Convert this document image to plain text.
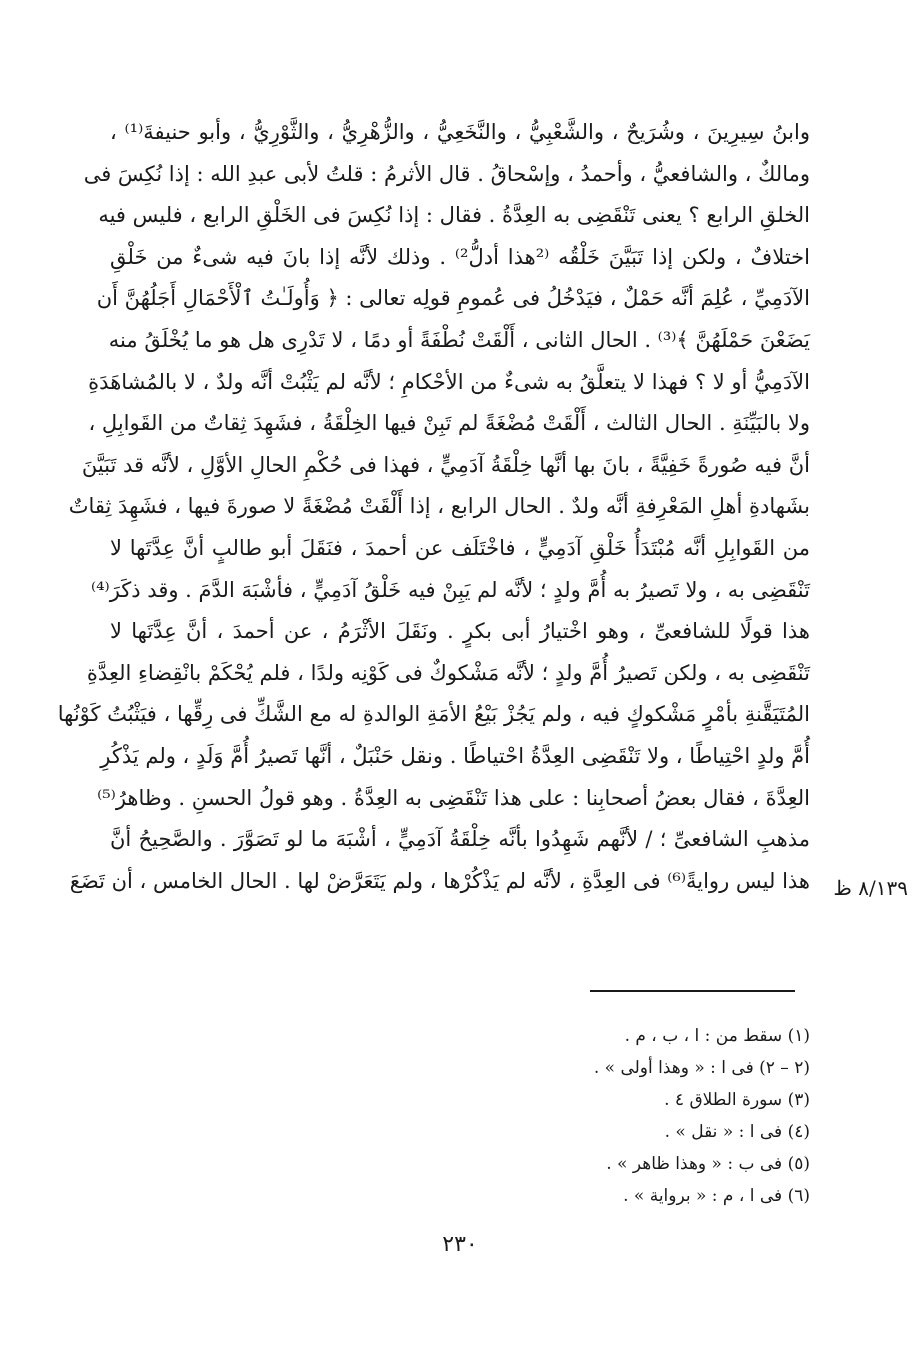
وابنُ سِيرِينَ ، وشُرَيحٌ ، والشَّعْبِيُّ ، والنَّخَعِيُّ ، والزُّهْرِيُّ ، والثَّوْرِيُّ ، وأبو حنيفةَ⁽¹⁾ ،
ومالكٌ ، والشافعيُّ ، وأحمدُ ، وإسْحاقُ . قال الأثرمُ : قلتُ لأبى عبدِ الله : إذا نُكِسَ فى
الخلقِ الرابع ؟ يعنى تَنْقَضِى به العِدَّةُ . فقال : إذا نُكِسَ فى الخَلْقِ الرابع ، فليس فيه
اختلافٌ ، ولكن إذا تَبَيَّنَ خَلْقُه ⁽²هذا أدلُّ²⁾ . وذلك لأنَّه إذا بانَ فيه شىءٌ من خَلْقِ
الآدَمِيِّ ، عُلِمَ أنَّه حَمْلٌ ، فيَدْخُلُ فى عُمومِ قولِه تعالى : ﴿ وَأُولَـٰتُ ٱلْأَحْمَالِ أَجَلُهُنَّ أَن
يَضَعْنَ حَمْلَهُنَّ ﴾⁽³⁾ . الحال الثانى ، أَلْقَتْ نُطْفَةً أو دمًا ، لا تَدْرِى هل هو ما يُخْلَقُ منه
الآدَمِيُّ أو لا ؟ فهذا لا يتعلَّقُ به شىءٌ من الأحْكامِ ؛ لأنَّه لم يَثْبُتْ أنَّه ولدٌ ، لا بالمُشاهَدَةِ
ولا بالبَيِّنَةِ . الحال الثالث ، أَلْقَتْ مُضْغَةً لم تَبِنْ فيها الخِلْقَةُ ، فشَهِدَ ثِقاتٌ من القَوابِلِ ،
أنَّ فيه صُورةً خَفِيَّةً ، بانَ بها أنَّها خِلْقَةُ آدَمِيٍّ ، فهذا فى حُكْمِ الحالِ الأوَّلِ ، لأنَّه قد تَبَيَّنَ
بشَهادةِ أهلِ المَعْرِفةِ أنَّه ولدٌ . الحال الرابع ، إذا أَلْقَتْ مُضْغَةً لا صورةَ فيها ، فشَهِدَ ثِقاتٌ
من القَوابِلِ أنَّه مُبْتَدَأُ خَلْقِ آدَمِيٍّ ، فاخْتَلَف عن أحمدَ ، فنَقَلَ أبو طالبٍ أنَّ عِدَّتَها لا
تَنْقَضِى به ، ولا تَصيرُ به أُمَّ ولدٍ ؛ لأنَّه لم يَبِنْ فيه خَلْقُ آدَمِيٍّ ، فأشْبَهَ الدَّمَ . وقد ذكَرَ⁽⁴⁾
هذا قولًا للشافعىِّ ، وهو اخْتيارُ أبى بكرٍ . ونَقَلَ الأثْرَمُ ، عن أحمدَ ، أنَّ عِدَّتَها لا
تَنْقَضِى به ، ولكن تَصيرُ أُمَّ ولدٍ ؛ لأنَّه مَشْكوكٌ فى كَوْنِه ولدًا ، فلم يُحْكَمْ بانْقِضاءِ العِدَّةِ
المُتَيَقَّنةِ بأمْرٍ مَشْكوكٍ فيه ، ولم يَجُزْ بَيْعُ الأمَةِ الوالدةِ له مع الشَّكِّ فى رِقِّها ، فيَثْبُتُ كَوْنُها
أُمَّ ولدٍ احْتِياطًا ، ولا تَنْقَضِى العِدَّةُ احْتياطًا . ونقل حَنْبَلٌ ، أنَّها تَصيرُ أُمَّ وَلَدٍ ، ولم يَذْكُرِ
العِدَّةَ ، فقال بعضُ أصحابِنا : على هذا تَنْقَضِى به العِدَّةُ . وهو قولُ الحسنِ . وظاهرُ⁽⁵⁾
مذهبِ الشافعىِّ ؛ / لأنَّهم شَهِدُوا بأنَّه خِلْقَةُ آدَمِيٍّ ، أشْبَهَ ما لو تَصَوَّرَ . والصَّحِيحُ أنَّ
هذا ليس روايةً⁽⁶⁾ فى العِدَّةِ ، لأنَّه لم يَذْكُرْها ، ولم يَتَعَرَّضْ لها . الحال الخامس ، أن تَضَعَ	٨/١٣٩ ظ
(١) سقط من : ا ، ب ، م .
(٢ – ٢) فى ا : « وهذا أولى » .
(٣) سورة الطلاق ٤ .
(٤) فى ا : « نقل » .
(٥) فى ب : « وهذا ظاهر » .
(٦) فى ا ، م : « برواية » .
٢٣٠
